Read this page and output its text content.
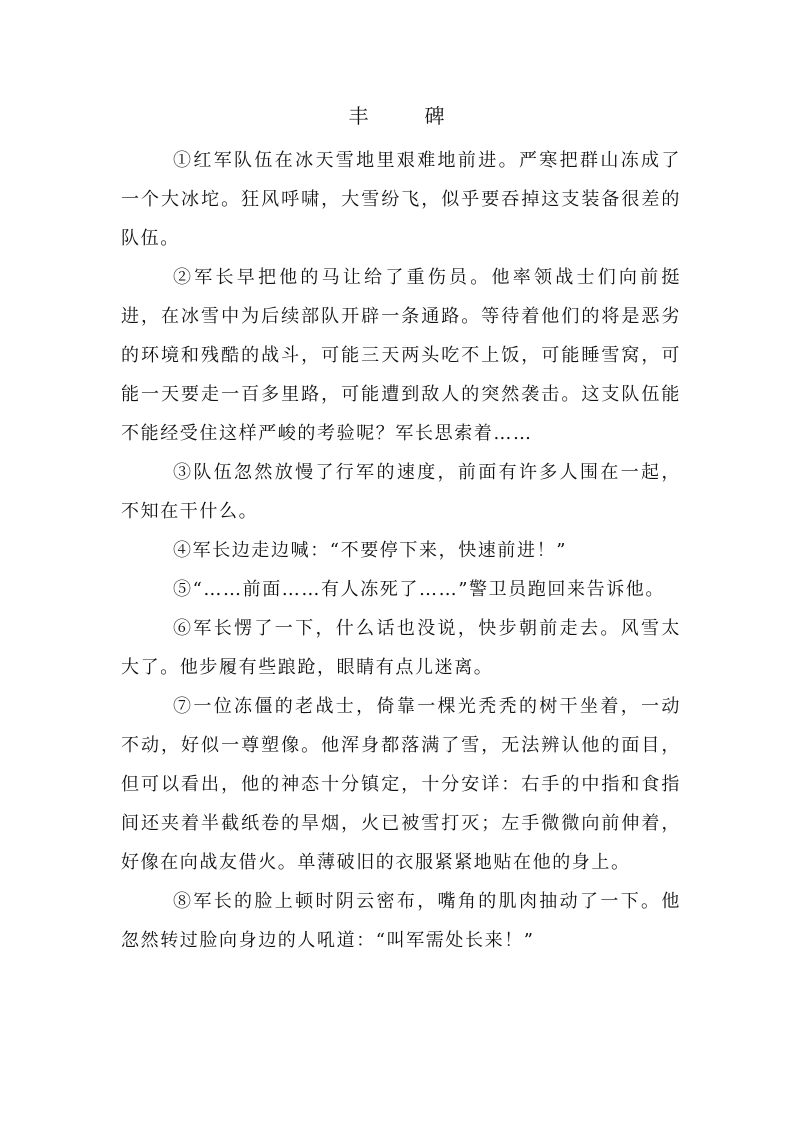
丰　碑

①红军队伍在冰天雪地里艰难地前进。严寒把群山冻成了一个大冰坨。狂风呼啸，大雪纷飞，似乎要吞掉这支装备很差的队伍。

②军长早把他的马让给了重伤员。他率领战士们向前挺进，在冰雪中为后续部队开辟一条通路。等待着他们的将是恶劣的环境和残酷的战斗，可能三天两头吃不上饭，可能睡雪窝，可能一天要走一百多里路，可能遭到敌人的突然袭击。这支队伍能不能经受住这样严峻的考验呢？军长思索着……

③队伍忽然放慢了行军的速度，前面有许多人围在一起，不知在干什么。

④军长边走边喊：“不要停下来，快速前进！”

⑤“……前面……有人冻死了……”警卫员跑回来告诉他。

⑥军长愣了一下，什么话也没说，快步朝前走去。风雪太大了。他步履有些踉跄，眼睛有点儿迷离。

⑦一位冻僵的老战士，倚靠一棵光秃秃的树干坐着，一动不动，好似一尊塑像。他浑身都落满了雪，无法辨认他的面目，但可以看出，他的神态十分镇定，十分安详：右手的中指和食指间还夹着半截纸卷的旱烟，火已被雪打灭；左手微微向前伸着，好像在向战友借火。单薄破旧的衣服紧紧地贴在他的身上。

⑧军长的脸上顿时阴云密布，嘴角的肌肉抽动了一下。他忽然转过脸向身边的人吼道：“叫军需处长来！”
